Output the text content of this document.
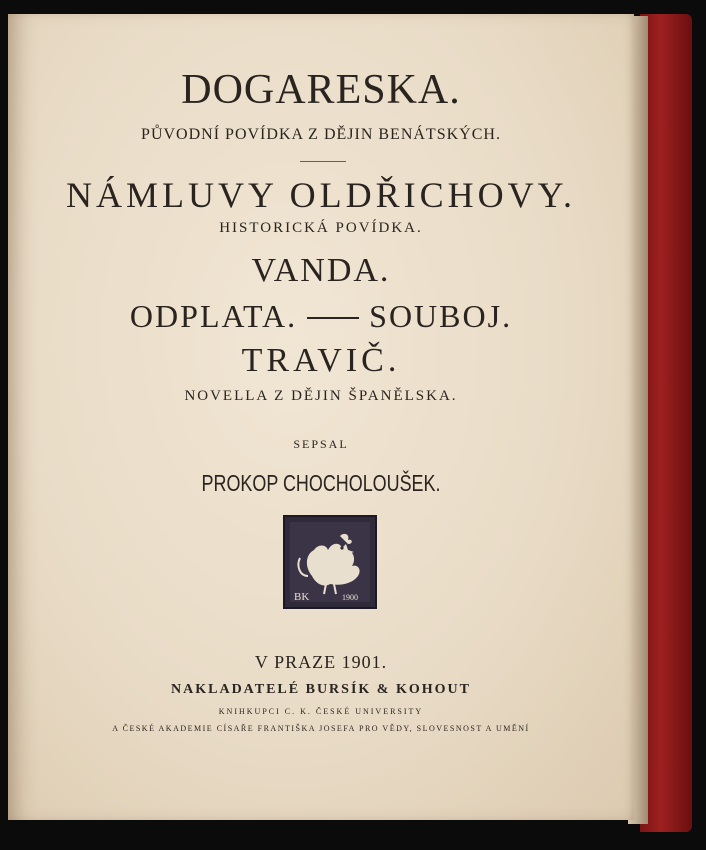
DOGARESKA.
PŮVODNÍ POVÍDKA Z DĚJIN BENÁTSKÝCH.
NÁMLUVY OLDŘICHOVY.
HISTORICKÁ POVÍDKA.
VANDA.
ODPLATA. SOUBOJ.
TRAVIČ.
NOVELLA Z DĚJIN ŠPANĚLSKA.
SEPSAL
PROKOP CHOCHOLOUŠEK.
BK	1900
V PRAZE 1901.
NAKLADATELÉ BURSÍK & KOHOUT
KNIHKUPCI C. K. ČESKÉ UNIVERSITY
A ČESKÉ AKADEMIE CÍSAŘE FRANTIŠKA JOSEFA PRO VĚDY, SLOVESNOST A UMĚNÍ
